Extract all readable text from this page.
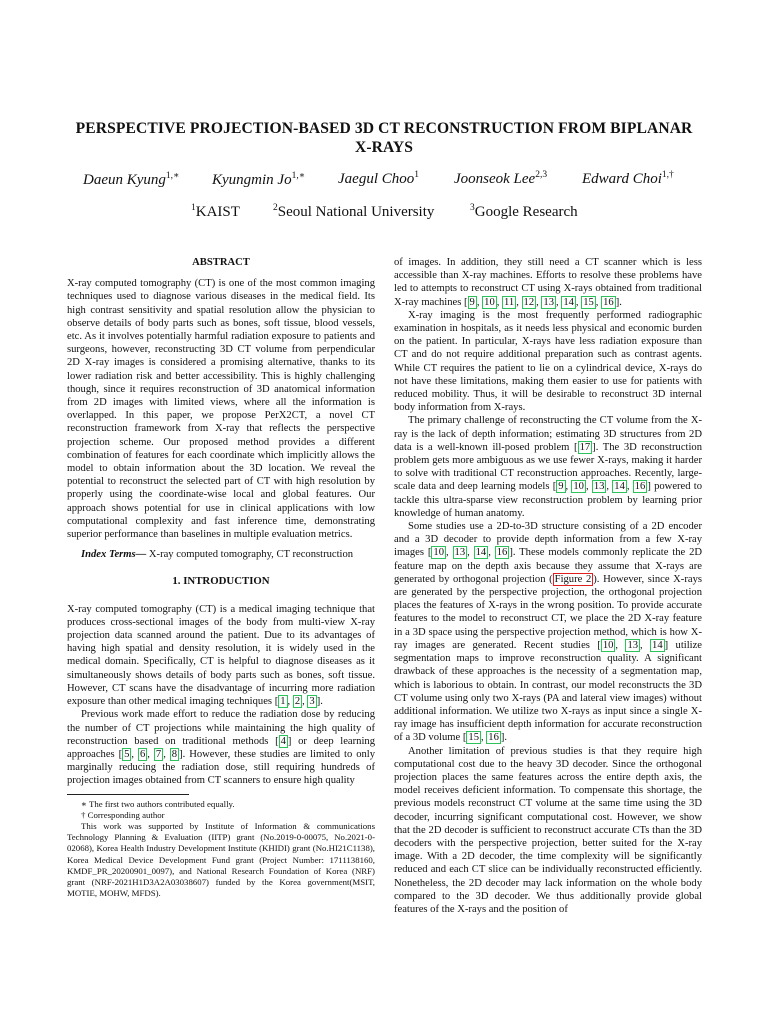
PERSPECTIVE PROJECTION-BASED 3D CT RECONSTRUCTION FROM BIPLANAR X-RAYS
Daeun Kyung$^{1,∗}$ Kyungmin $Jo^{1,∗}$ Jaegul Choo$^1$ Joonseok Lee$^{2,3}$ Edward Choi$^{1,\dagger}$
$^1$KAIST	$^2$Seoul National University	$^3$Google Research
ABSTRACT

X-ray computed tomography (CT) is one of the most common imaging techniques used to diagnose various diseases in the medical field. Its high contrast sensitivity and spatial resolution allow the physician to observe details of body parts such as bones, soft tissue, blood vessels, etc. As it involves potentially harmful radiation exposure to patients and surgeons, however, reconstructing 3D CT volume from perpendicular 2D X-ray images is considered a promising alternative, thanks to its lower radiation risk and better accessibility. This is highly challenging though, since it requires reconstruction of 3D anatomical information from 2D images with limited views, where all the information is overlapped. In this paper, we propose PerX2CT, a novel CT reconstruction framework from X-ray that reflects the perspective projection scheme. Our proposed method provides a different combination of features for each coordinate which implicitly allows the model to obtain information about the 3D location. We reveal the potential to reconstruct the selected part of CT with high resolution by properly using the coordinate-wise local and global features. Our approach shows potential for use in clinical applications with low computational complexity and fast inference time, demonstrating superior performance than baselines in multiple evaluation metrics.

Index Terms— X-ray computed tomography, CT reconstruction

1. INTRODUCTION

X-ray computed tomography (CT) is a medical imaging technique that produces cross-sectional images of the body from multi-view X-ray projection data scanned around the patient. Due to its advantages of having high spatial and density resolution, it is widely used in the medical domain. Specifically, CT is helpful to diagnose diseases as it simultaneously shows details of body parts such as bones, soft tissue. However, CT scans have the disadvantage of incurring more radiation exposure than other medical imaging techniques [ 1 , 2 , 3 ].

Previous work made effort to reduce the radiation dose by reducing the number of CT projections while maintaining the high quality of reconstruction based on traditional methods [ 4 ] or deep learning approaches [ 5 , 6 , 7 , 8 ]. However, these studies are limited to only marginally reducing the radiation dose, still requiring hundreds of projection images obtained from CT scanners to ensure high quality

∗ The first two authors contributed equally.

† Corresponding author

This work was supported by Institute of Information & communications Technology Planning & Evaluation (IITP) grant (No.2019-0-00075, No.2021-0-02068), Korea Health Industry Development Institute (KHIDI) grant (No.HI21C1138), Korea Medical Device Development Fund grant (Project Number: 1711138160, KMDF_PR_20200901_0097), and National Research Foundation of Korea (NRF) grant (NRF-2021H1D3A2A03038607) funded by the Korea government(MSIT, MOTIE, MOHW, MFDS).

of images. In addition, they still need a CT scanner which is less accessible than X-ray machines. Efforts to resolve these problems have led to attempts to reconstruct CT using X-rays obtained from traditional X-ray machines [ 9 , 10 , 11 , 12 , 13 , 14 , 15 , 16 ].

X-ray imaging is the most frequently performed radiographic examination in hospitals, as it needs less physical and economic burden on the patient. In particular, X-rays have less radiation exposure than CT and do not require additional preparation such as contrast agents. While CT requires the patient to lie on a cylindrical device, X-rays do not have these limitations, making them easier to use for patients with reduced mobility. Thus, it will be desirable to reconstruct 3D internal body information from X-rays.

The primary challenge of reconstructing the CT volume from the X-ray is the lack of depth information; estimating 3D structures from 2D data is a well-known ill-posed problem [ 17 ]. The 3D reconstruction problem gets more ambiguous as we use fewer X-rays, making it harder to solve with traditional CT reconstruction approaches. Recently, large-scale data and deep learning models [ 9 , 10 , 13 , 14 , 16 ] powered to tackle this ultra-sparse view reconstruction problem by learning prior knowledge of human anatomy.

Some studies use a 2D-to-3D structure consisting of a 2D encoder and a 3D decoder to provide depth information from a few X-ray images [ 10 , 13 , 14 , 16 ]. These models commonly replicate the 2D feature map on the depth axis because they assume that X-rays are generated by orthogonal projection ( Figure 2 ). However, since X-rays are generated by the perspective projection, the orthogonal projection places the features of X-rays in the wrong position. To provide accurate features to the model to reconstruct CT, we place the 2D X-ray feature in a 3D space using the perspective projection method, which is how X-ray images are generated. Recent studies [ 10 , 13 , 14 ] utilize segmentation maps to improve reconstruction quality. A significant drawback of these approaches is the necessity of a segmentation map, which is laborious to obtain. In contrast, our model reconstructs the 3D CT volume using only two X-rays (PA and lateral view images) without additional information. We utilize two X-rays as input since a single X-ray image has insufficient depth information for accurate reconstruction of a 3D volume [ 15 , 16 ].

Another limitation of previous studies is that they require high computational cost due to the heavy 3D decoder. Since the orthogonal projection places the same features across the entire depth axis, the model receives deficient information. To compensate this shortage, the previous models reconstruct CT volume at the same time using the 3D decoder, incurring significant computational cost. However, we show that the 2D decoder is sufficient to reconstruct accurate CTs than the 3D decoders with the perspective projection, better suited for the X-ray image. With a 2D decoder, the time complexity will be significantly reduced and each CT slice can be individually reconstructed efficiently. Nonetheless, the 2D decoder may lack information on the whole body compared to the 3D decoder. We thus additionally provide global features of the X-rays and the position of
